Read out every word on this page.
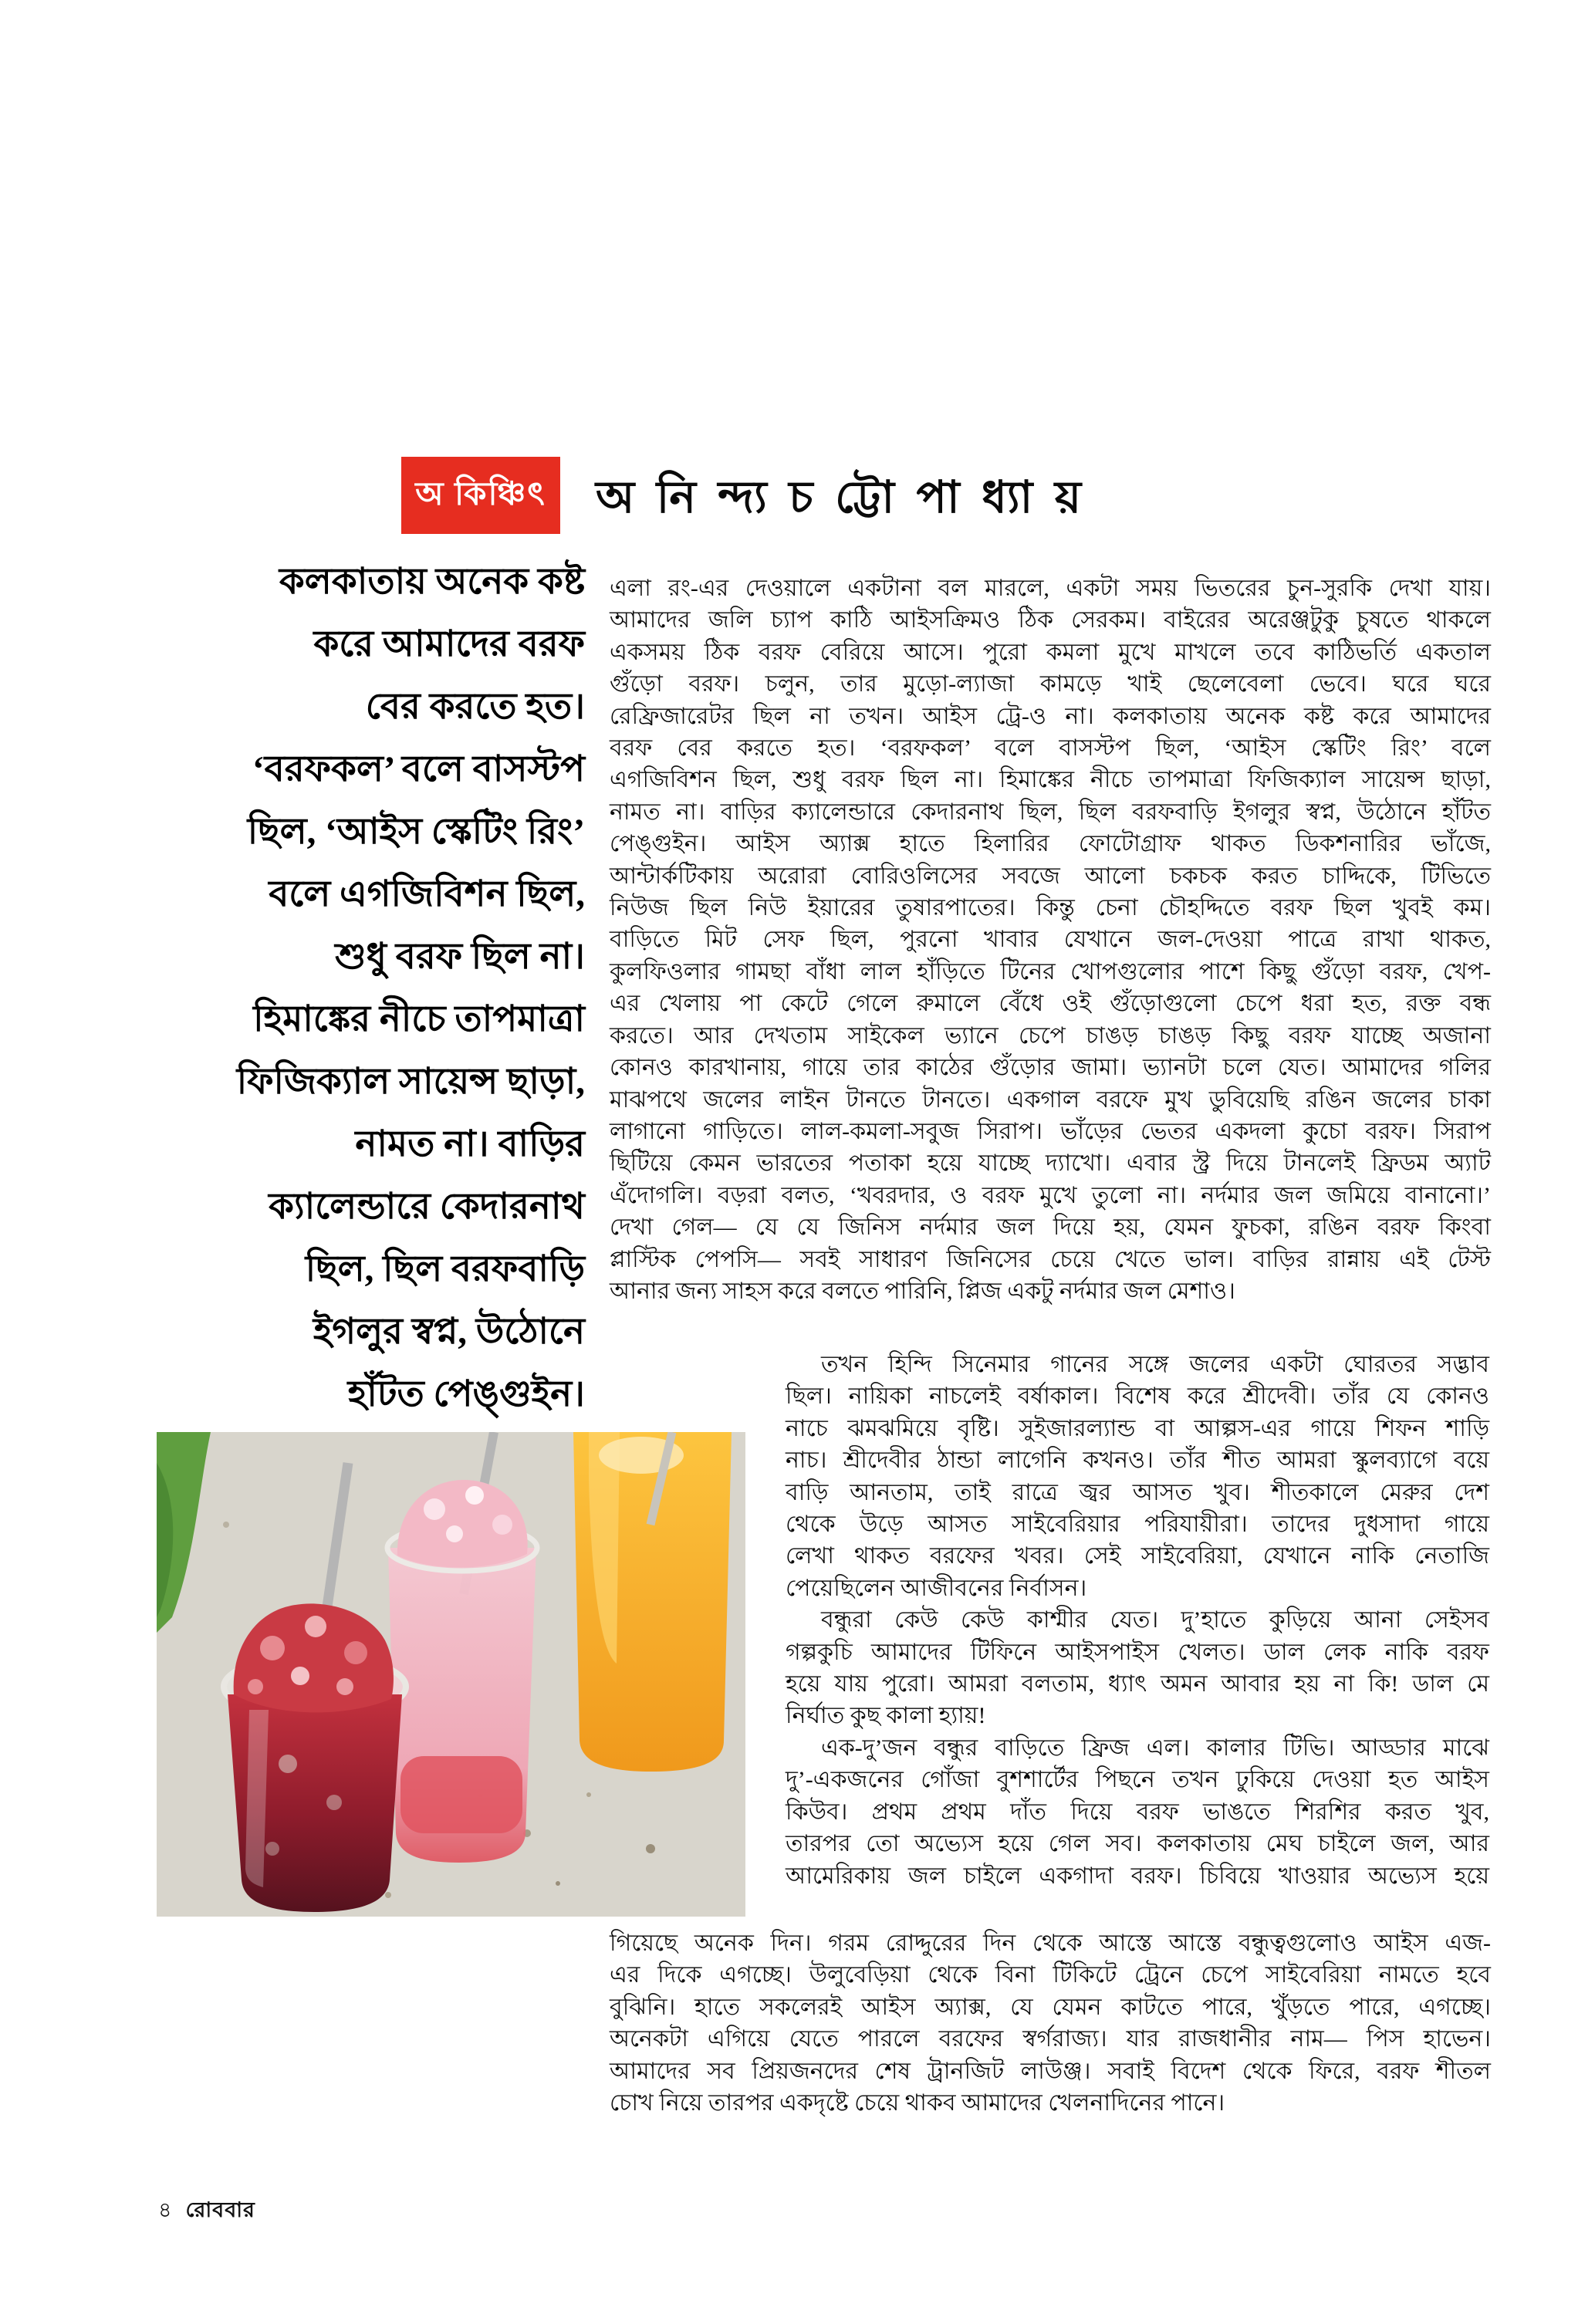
অ কিঞ্চিৎ	অ নি ন্দ্য চ ট্টো পা ধ্যা য়
কলকাতায় অনেক কষ্ট
করে আমাদের বরফ
বের করতে হত।
‘বরফকল’ বলে বাসস্টপ
ছিল, ‘আইস স্কেটিং রিং’
বলে এগজিবিশন ছিল,
শুধু বরফ ছিল না।
হিমাঙ্কের নীচে তাপমাত্রা
ফিজিক্যাল সায়েন্স ছাড়া,
নামত না। বাড়ির
ক্যালেন্ডারে কেদারনাথ
ছিল, ছিল বরফবাড়ি
ইগলুর স্বপ্ন, উঠোনে
হাঁটত পেঙ্গুইন।
এলা রং-এর দেওয়ালে একটানা বল মারলে, একটা সময় ভিতরের চুন-সুরকি দেখা যায়।
আমাদের জলি চ্যাপ কাঠি আইসক্রিমও ঠিক সেরকম। বাইরের অরেঞ্জটুকু চুষতে থাকলে
একসময় ঠিক বরফ বেরিয়ে আসে। পুরো কমলা মুখে মাখলে তবে কাঠিভর্তি একতাল
গুঁড়ো বরফ। চলুন, তার মুড়ো-ল্যাজা কামড়ে খাই ছেলেবেলা ভেবে। ঘরে ঘরে
রেফ্রিজারেটর ছিল না তখন। আইস ট্রে-ও না। কলকাতায় অনেক কষ্ট করে আমাদের
বরফ বের করতে হত। ‘বরফকল’ বলে বাসস্টপ ছিল, ‘আইস স্কেটিং রিং’ বলে
এগজিবিশন ছিল, শুধু বরফ ছিল না। হিমাঙ্কের নীচে তাপমাত্রা ফিজিক্যাল সায়েন্স ছাড়া,
নামত না। বাড়ির ক্যালেন্ডারে কেদারনাথ ছিল, ছিল বরফবাড়ি ইগলুর স্বপ্ন, উঠোনে হাঁটত
পেঙ্গুইন। আইস অ্যাক্স হাতে হিলারির ফোটোগ্রাফ থাকত ডিকশনারির ভাঁজে,
আন্টার্কটিকায় অরোরা বোরিওলিসের সবজে আলো চকচক করত চাদ্দিকে, টিভিতে
নিউজ ছিল নিউ ইয়ারের তুষারপাতের। কিন্তু চেনা চৌহদ্দিতে বরফ ছিল খুবই কম।
বাড়িতে মিট সেফ ছিল, পুরনো খাবার যেখানে জল-দেওয়া পাত্রে রাখা থাকত,
কুলফিওলার গামছা বাঁধা লাল হাঁড়িতে টিনের খোপগুলোর পাশে কিছু গুঁড়ো বরফ, খেপ-
এর খেলায় পা কেটে গেলে রুমালে বেঁধে ওই গুঁড়োগুলো চেপে ধরা হত, রক্ত বন্ধ
করতে। আর দেখতাম সাইকেল ভ্যানে চেপে চাঙড় চাঙড় কিছু বরফ যাচ্ছে অজানা
কোনও কারখানায়, গায়ে তার কাঠের গুঁড়োর জামা। ভ্যানটা চলে যেত। আমাদের গলির
মাঝপথে জলের লাইন টানতে টানতে। একগাল বরফে মুখ ডুবিয়েছি রঙিন জলের চাকা
লাগানো গাড়িতে। লাল-কমলা-সবুজ সিরাপ। ভাঁড়ের ভেতর একদলা কুচো বরফ। সিরাপ
ছিটিয়ে কেমন ভারতের পতাকা হয়ে যাচ্ছে দ্যাখো। এবার স্ট্র দিয়ে টানলেই ফ্রিডম অ্যাট
এঁদোগলি। বড়রা বলত, ‘খবরদার, ও বরফ মুখে তুলো না। নর্দমার জল জমিয়ে বানানো।’
দেখা গেল— যে যে জিনিস নর্দমার জল দিয়ে হয়, যেমন ফুচকা, রঙিন বরফ কিংবা
প্লাস্টিক পেপসি— সবই সাধারণ জিনিসের চেয়ে খেতে ভাল। বাড়ির রান্নায় এই টেস্ট
আনার জন্য সাহস করে বলতে পারিনি, প্লিজ একটু নর্দমার জল মেশাও।
তখন হিন্দি সিনেমার গানের সঙ্গে জলের একটা ঘোরতর সদ্ভাব
ছিল। নায়িকা নাচলেই বর্ষাকাল। বিশেষ করে শ্রীদেবী। তাঁর যে কোনও
নাচে ঝমঝমিয়ে বৃষ্টি। সুইজারল্যান্ড বা আল্পস-এর গায়ে শিফন শাড়ি
নাচ। শ্রীদেবীর ঠান্ডা লাগেনি কখনও। তাঁর শীত আমরা স্কুলব্যাগে বয়ে
বাড়ি আনতাম, তাই রাত্রে জ্বর আসত খুব। শীতকালে মেরুর দেশ
থেকে উড়ে আসত সাইবেরিয়ার পরিযায়ীরা। তাদের দুধসাদা গায়ে
লেখা থাকত বরফের খবর। সেই সাইবেরিয়া, যেখানে নাকি নেতাজি
পেয়েছিলেন আজীবনের নির্বাসন।
বন্ধুরা কেউ কেউ কাশ্মীর যেত। দু’হাতে কুড়িয়ে আনা সেইসব
গল্পকুচি আমাদের টিফিনে আইসপাইস খেলত। ডাল লেক নাকি বরফ
হয়ে যায় পুরো। আমরা বলতাম, ধ্যাৎ অমন আবার হয় না কি! ডাল মে
নির্ঘাত কুছ কালা হ্যায়!
এক-দু’জন বন্ধুর বাড়িতে ফ্রিজ এল। কালার টিভি। আড্ডার মাঝে
দু’-একজনের গোঁজা বুশশার্টের পিছনে তখন ঢুকিয়ে দেওয়া হত আইস
কিউব। প্রথম প্রথম দাঁত দিয়ে বরফ ভাঙতে শিরশির করত খুব,
তারপর তো অভ্যেস হয়ে গেল সব। কলকাতায় মেঘ চাইলে জল, আর
আমেরিকায় জল চাইলে একগাদা বরফ। চিবিয়ে খাওয়ার অভ্যেস হয়ে
গিয়েছে অনেক দিন। গরম রোদ্দুরের দিন থেকে আস্তে আস্তে বন্ধুত্বগুলোও আইস এজ-
এর দিকে এগচ্ছে। উলুবেড়িয়া থেকে বিনা টিকিটে ট্রেনে চেপে সাইবেরিয়া নামতে হবে
বুঝিনি। হাতে সকলেরই আইস অ্যাক্স, যে যেমন কাটতে পারে, খুঁড়তে পারে, এগচ্ছে।
অনেকটা এগিয়ে যেতে পারলে বরফের স্বর্গরাজ্য। যার রাজধানীর নাম— পিস হাভেন।
আমাদের সব প্রিয়জনদের শেষ ট্রানজিট লাউঞ্জ। সবাই বিদেশ থেকে ফিরে, বরফ শীতল
চোখ নিয়ে তারপর একদৃষ্টে চেয়ে থাকব আমাদের খেলনাদিনের পানে।
৪ রোববার
